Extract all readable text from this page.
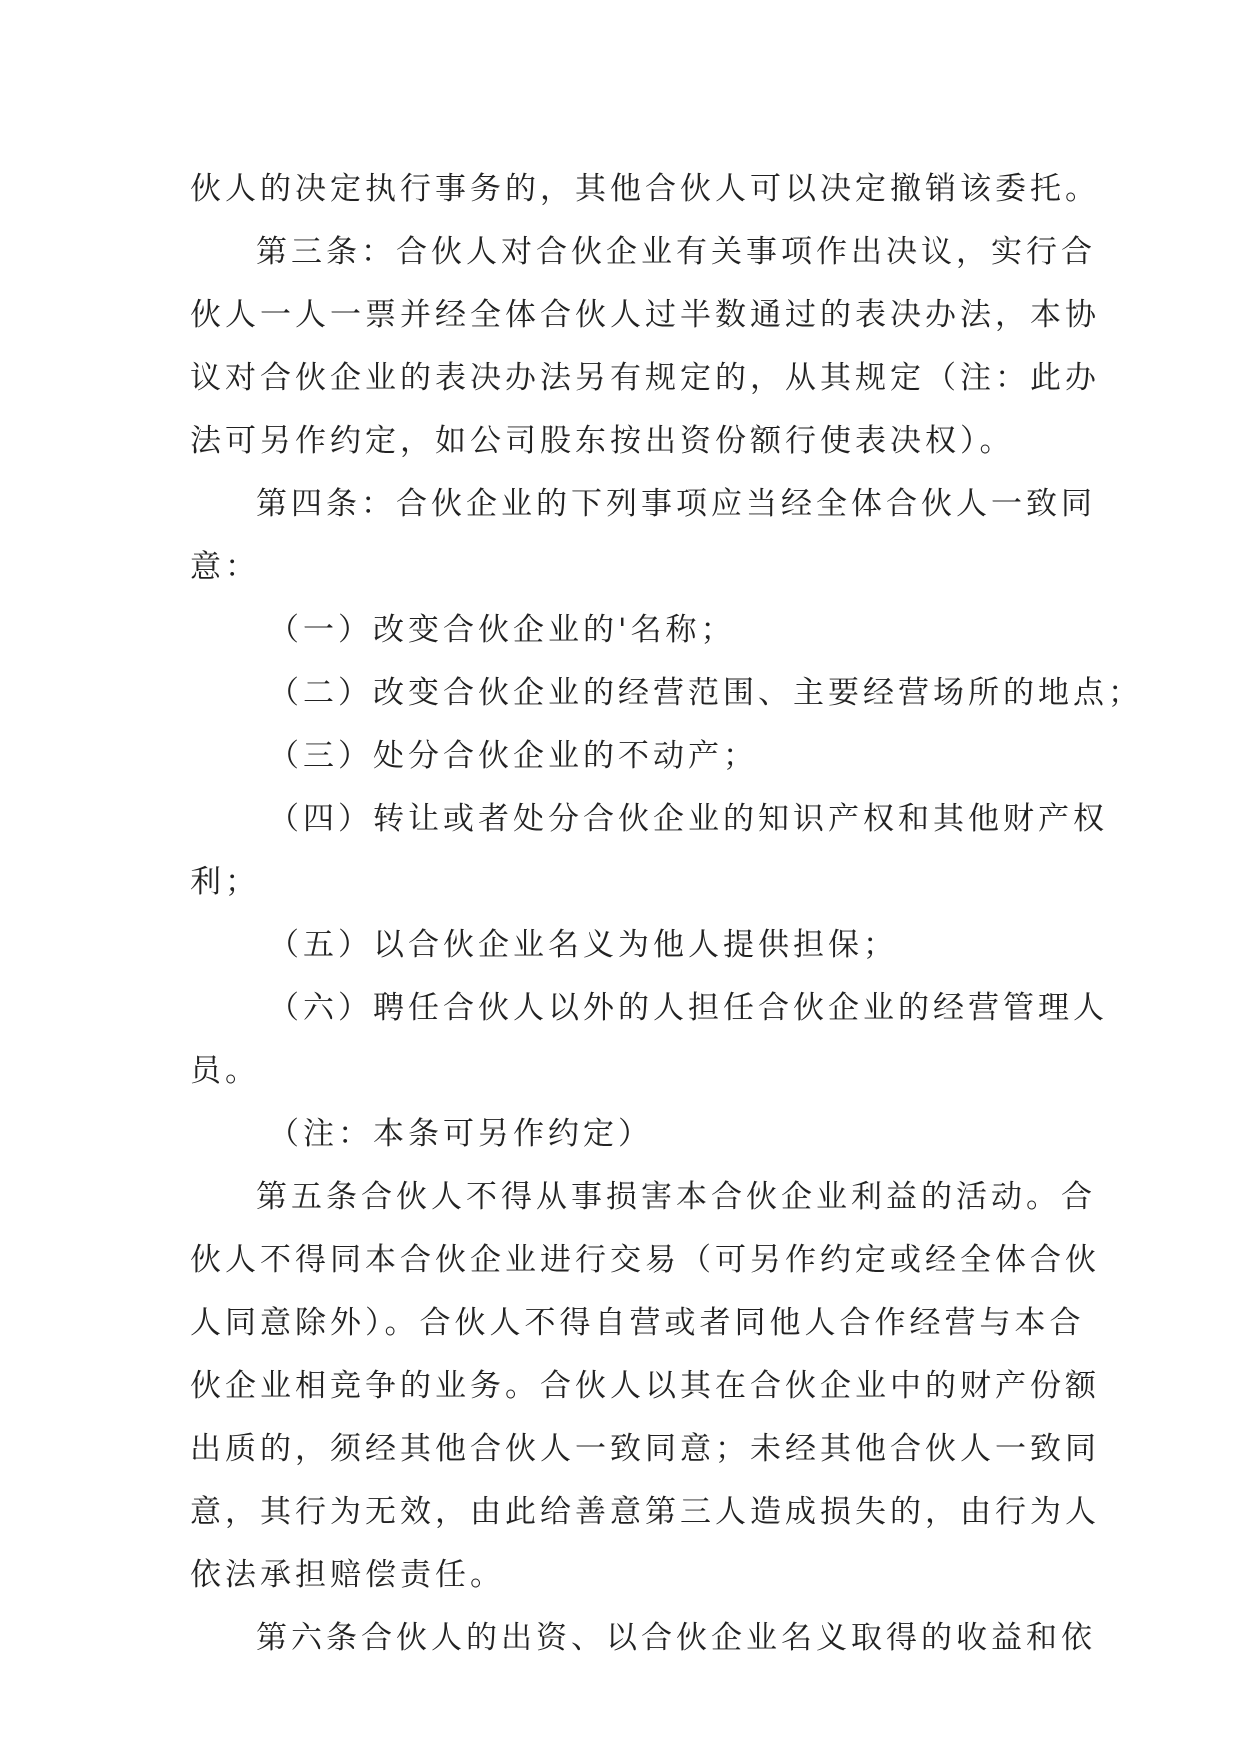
伙人的决定执行事务的，其他合伙人可以决定撤销该委托。
第三条：合伙人对合伙企业有关事项作出决议，实行合
伙人一人一票并经全体合伙人过半数通过的表决办法，本协
议对合伙企业的表决办法另有规定的，从其规定（注：此办
法可另作约定，如公司股东按出资份额行使表决权）。
第四条：合伙企业的下列事项应当经全体合伙人一致同
意：
（一）改变合伙企业的'名称；
（二）改变合伙企业的经营范围、主要经营场所的地点；
（三）处分合伙企业的不动产；
（四）转让或者处分合伙企业的知识产权和其他财产权
利；
（五）以合伙企业名义为他人提供担保；
（六）聘任合伙人以外的人担任合伙企业的经营管理人
员。
（注：本条可另作约定）
第五条合伙人不得从事损害本合伙企业利益的活动。合
伙人不得同本合伙企业进行交易（可另作约定或经全体合伙
人同意除外）。合伙人不得自营或者同他人合作经营与本合
伙企业相竞争的业务。合伙人以其在合伙企业中的财产份额
出质的，须经其他合伙人一致同意；未经其他合伙人一致同
意，其行为无效，由此给善意第三人造成损失的，由行为人
依法承担赔偿责任。
第六条合伙人的出资、以合伙企业名义取得的收益和依
